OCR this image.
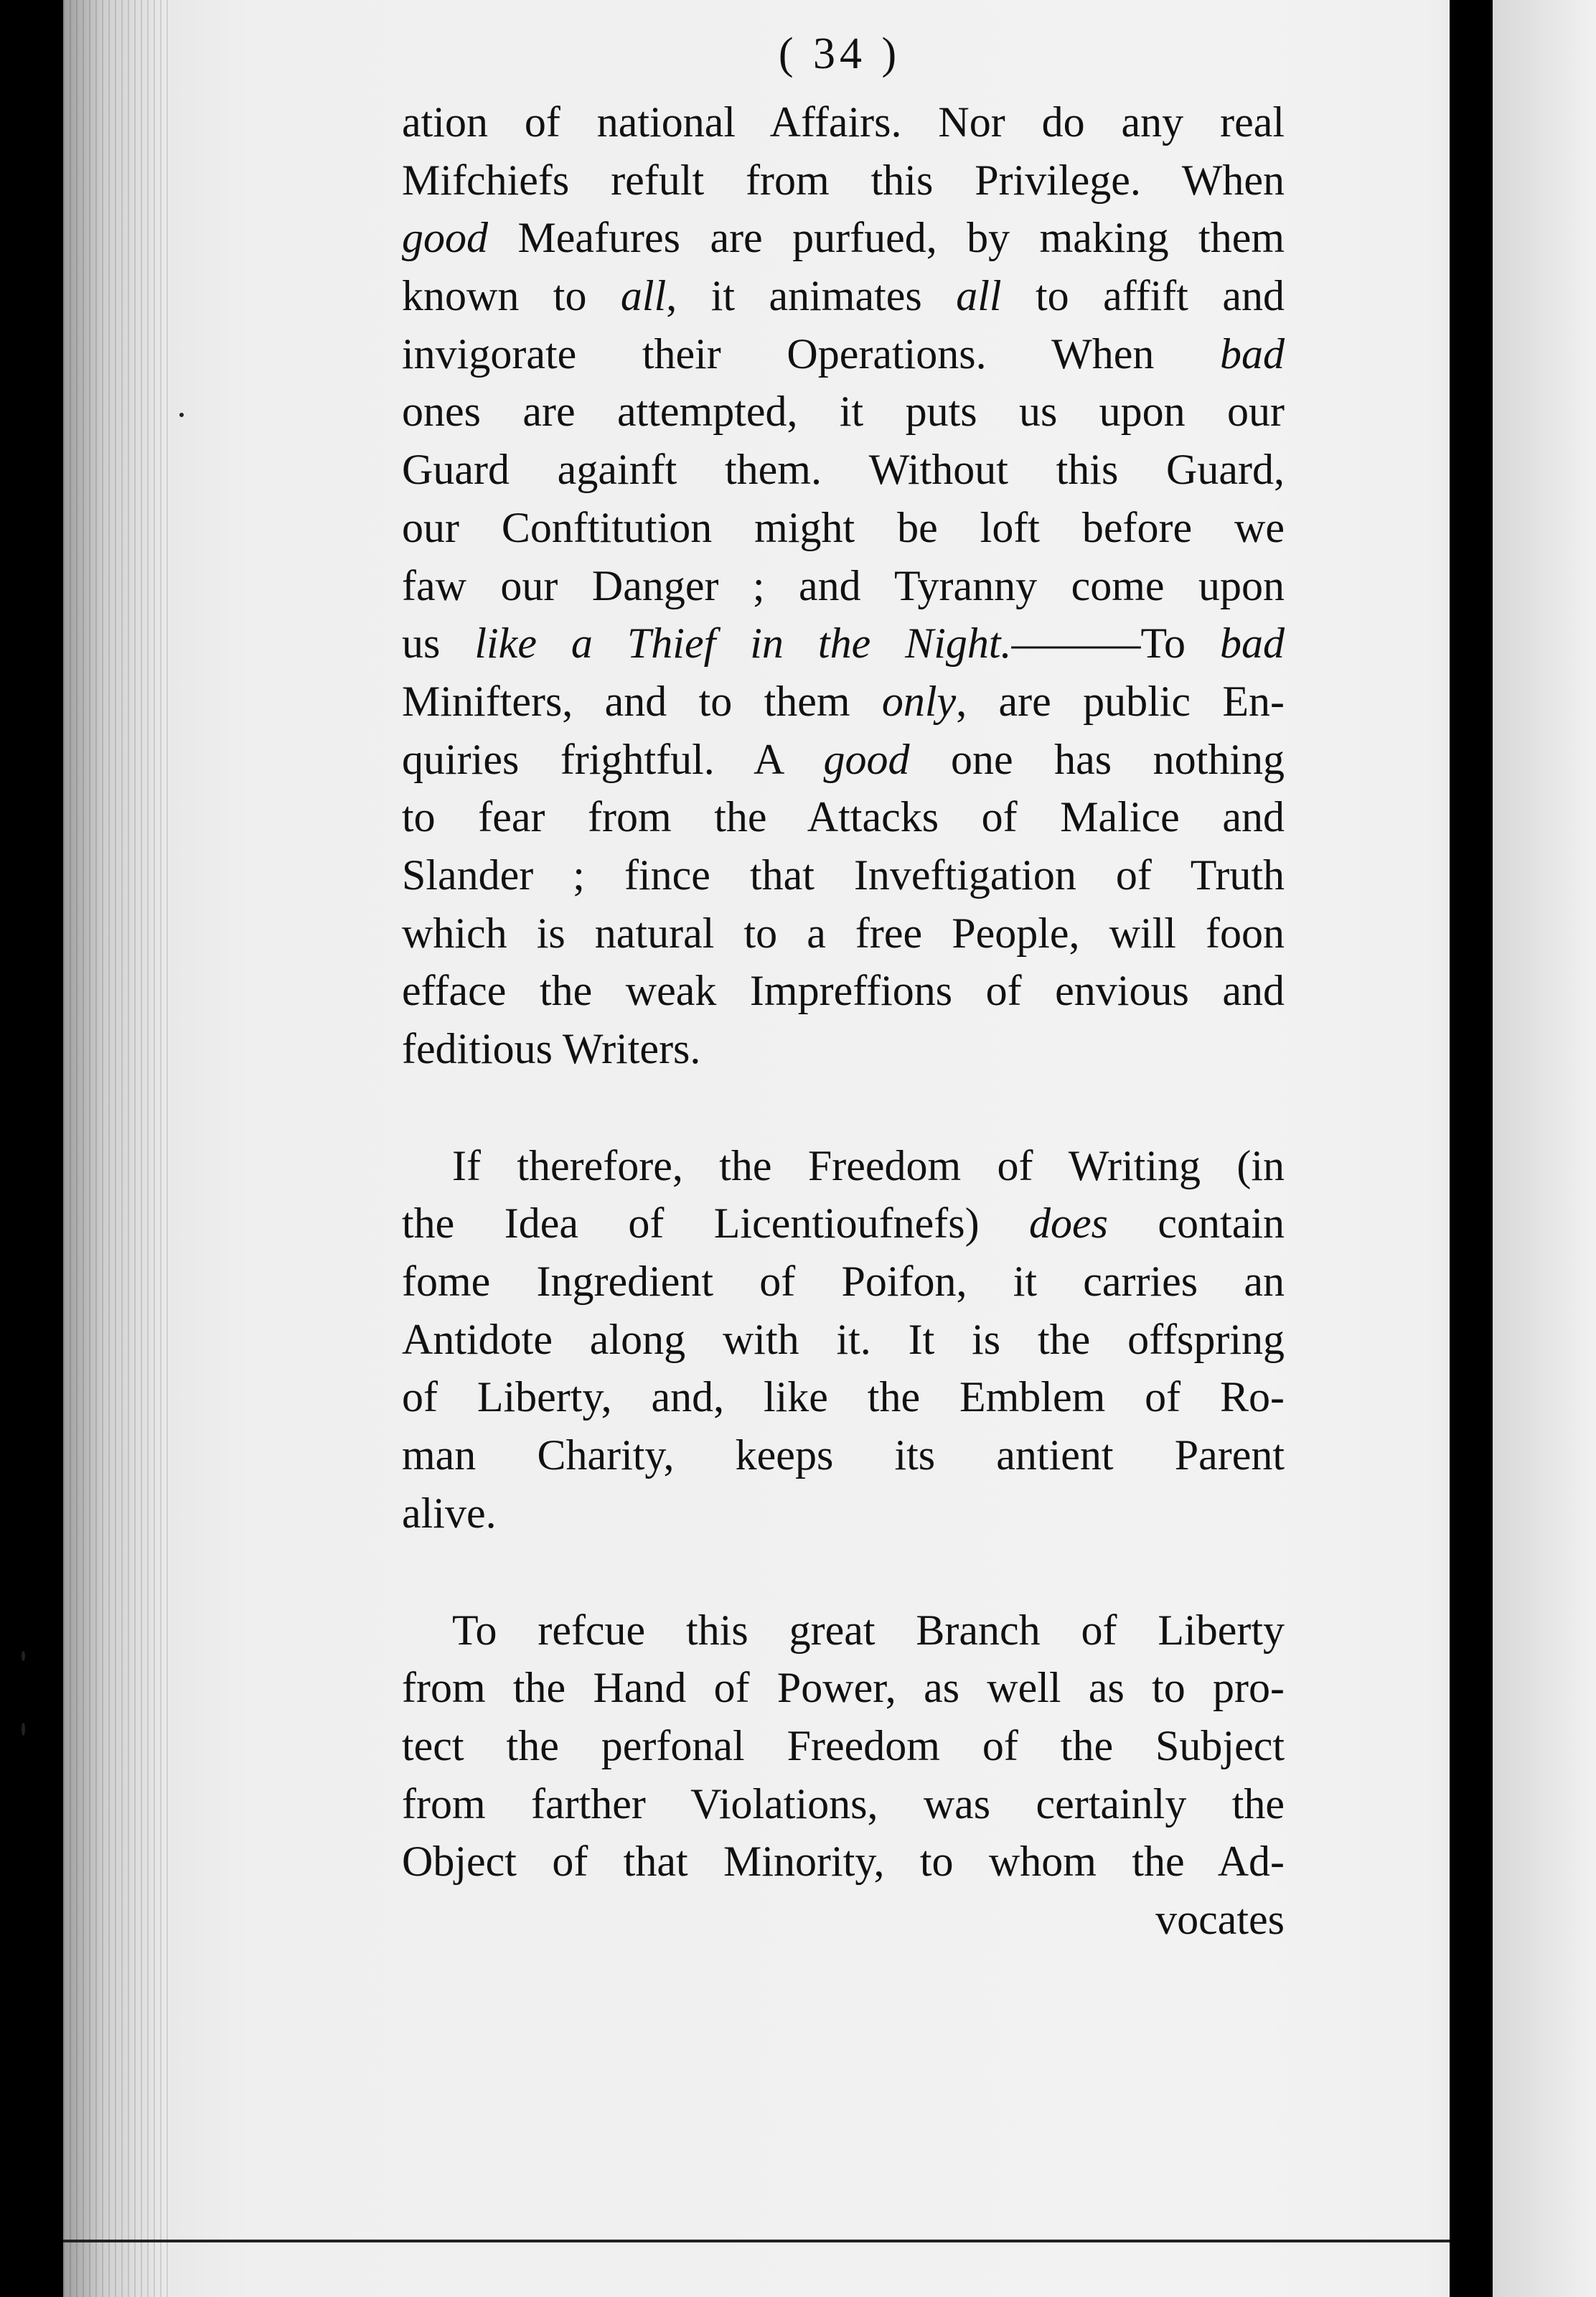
( 34 )
ation of national Affairs. Nor do any real
Mifchiefs refult from this Privilege. When
good Meafures are purfued, by making them
known to all, it animates all to affift and
invigorate their Operations. When bad
ones are attempted, it puts us upon our
Guard againft them. Without this Guard,
our Conftitution might be loft before we
faw our Danger ; and Tyranny come upon
us like a Thief in the Night.———To bad
Minifters, and to them only, are public En-
quiries frightful. A good one has nothing
to fear from the Attacks of Malice and
Slander ; fince that Inveftigation of Truth
which is natural to a free People, will foon
efface the weak Impreffions of envious and
feditious Writers.
If therefore, the Freedom of Writing (in
the Idea of Licentioufnefs) does contain
fome Ingredient of Poifon, it carries an
Antidote along with it. It is the offspring
of Liberty, and, like the Emblem of Ro-
man Charity, keeps its antient Parent
alive.
To refcue this great Branch of Liberty
from the Hand of Power, as well as to pro-
tect the perfonal Freedom of the Subject
from farther Violations, was certainly the
Object of that Minority, to whom the Ad-
vocates
